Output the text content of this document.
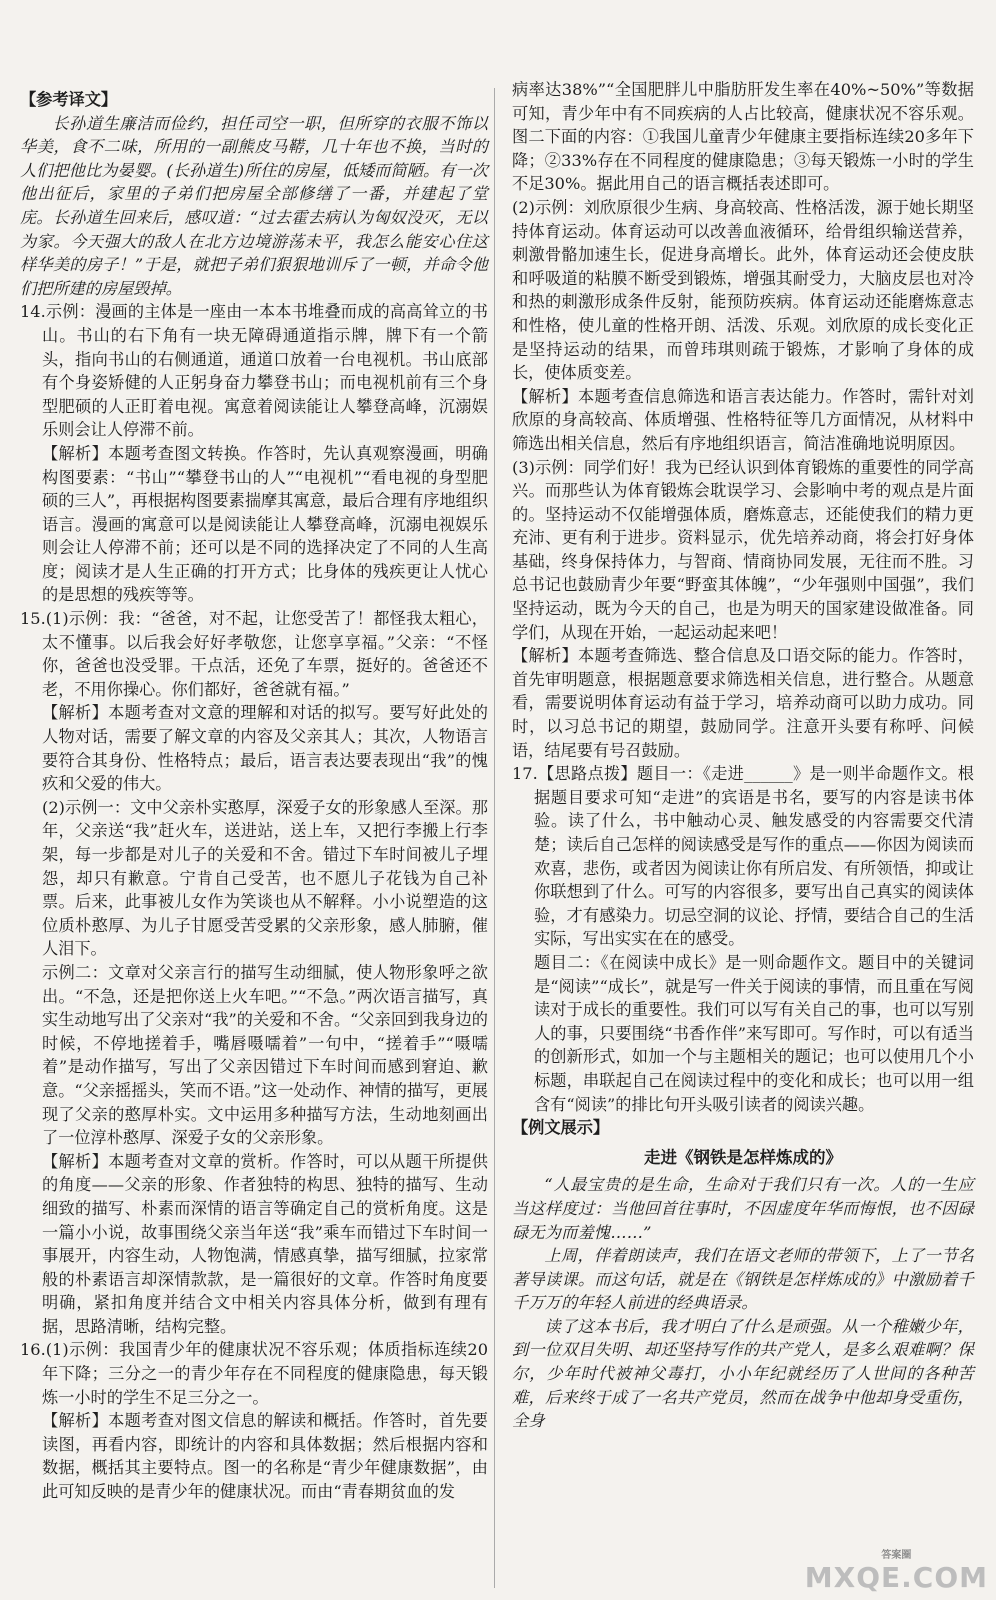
【参考译文】

长孙道生廉洁而俭约，担任司空一职，但所穿的衣服不饰以华美，食不二味，所用的一副熊皮马鞯，几十年也不换，当时的人们把他比为晏婴。(长孙道生)所住的房屋，低矮而简陋。有一次他出征后，家里的子弟们把房屋全部修缮了一番，并建起了堂庑。长孙道生回来后，感叹道：“过去霍去病认为匈奴没灭，无以为家。今天强大的敌人在北方边境游荡未平，我怎么能安心住这样华美的房子！”于是，就把子弟们狠狠地训斥了一顿，并命令他们把所建的房屋毁掉。

14.示例：漫画的主体是一座由一本本书堆叠而成的高高耸立的书山。书山的右下角有一块无障碍通道指示牌，牌下有一个箭头，指向书山的右侧通道，通道口放着一台电视机。书山底部有个身姿矫健的人正躬身奋力攀登书山；而电视机前有三个身型肥硕的人正盯着电视。寓意着阅读能让人攀登高峰，沉溺娱乐则会让人停滞不前。

【解析】本题考查图文转换。作答时，先认真观察漫画，明确构图要素：“书山”“攀登书山的人”“电视机”“看电视的身型肥硕的三人”，再根据构图要素揣摩其寓意，最后合理有序地组织语言。漫画的寓意可以是阅读能让人攀登高峰，沉溺电视娱乐则会让人停滞不前；还可以是不同的选择决定了不同的人生高度；阅读才是人生正确的打开方式；比身体的残疾更让人忧心的是思想的残疾等等。

15.(1)示例：我：“爸爸，对不起，让您受苦了！都怪我太粗心，太不懂事。以后我会好好孝敬您，让您享享福。”父亲：“不怪你，爸爸也没受罪。干点活，还免了车票，挺好的。爸爸还不老，不用你操心。你们都好，爸爸就有福。”

【解析】本题考查对文意的理解和对话的拟写。要写好此处的人物对话，需要了解文章的内容及父亲其人；其次，人物语言要符合其身份、性格特点；最后，语言表达要表现出“我”的愧疚和父爱的伟大。

(2)示例一：文中父亲朴实憨厚，深爱子女的形象感人至深。那年，父亲送“我”赶火车，送进站，送上车，又把行李搬上行李架，每一步都是对儿子的关爱和不舍。错过下车时间被儿子埋怨，却只有歉意。宁肯自己受苦，也不愿儿子花钱为自己补票。后来，此事被儿女作为笑谈也从不解释。小小说塑造的这位质朴憨厚、为儿子甘愿受苦受累的父亲形象，感人肺腑，催人泪下。

示例二：文章对父亲言行的描写生动细腻，使人物形象呼之欲出。“不急，还是把你送上火车吧。”“不急。”两次语言描写，真实生动地写出了父亲对“我”的关爱和不舍。“父亲回到我身边的时候，不停地搓着手，嘴唇嗫嚅着”一句中，“搓着手”“嗫嚅着”是动作描写，写出了父亲因错过下车时间而感到窘迫、歉意。“父亲摇摇头，笑而不语。”这一处动作、神情的描写，更展现了父亲的憨厚朴实。文中运用多种描写方法，生动地刻画出了一位淳朴憨厚、深爱子女的父亲形象。

【解析】本题考查对文章的赏析。作答时，可以从题干所提供的角度——父亲的形象、作者独特的构思、独特的描写、生动细致的描写、朴素而深情的语言等确定自己的赏析角度。这是一篇小小说，故事围绕父亲当年送“我”乘车而错过下车时间一事展开，内容生动，人物饱满，情感真挚，描写细腻，拉家常般的朴素语言却深情款款，是一篇很好的文章。作答时角度要明确，紧扣角度并结合文中相关内容具体分析，做到有理有据，思路清晰，结构完整。

16.(1)示例：我国青少年的健康状况不容乐观；体质指标连续20年下降；三分之一的青少年存在不同程度的健康隐患，每天锻炼一小时的学生不足三分之一。

【解析】本题考查对图文信息的解读和概括。作答时，首先要读图，再看内容，即统计的内容和具体数据；然后根据内容和数据，概括其主要特点。图一的名称是“青少年健康数据”，由此可知反映的是青少年的健康状况。而由“青春期贫血的发

病率达38%”“全国肥胖儿中脂肪肝发生率在40%~50%”等数据可知，青少年中有不同疾病的人占比较高，健康状况不容乐观。图二下面的内容：①我国儿童青少年健康主要指标连续20多年下降；②33%存在不同程度的健康隐患；③每天锻炼一小时的学生不足30%。据此用自己的语言概括表述即可。

(2)示例：刘欣原很少生病、身高较高、性格活泼，源于她长期坚持体育运动。体育运动可以改善血液循环，给骨组织输送营养，刺激骨骼加速生长，促进身高增长。此外，体育运动还会使皮肤和呼吸道的粘膜不断受到锻炼，增强其耐受力，大脑皮层也对冷和热的刺激形成条件反射，能预防疾病。体育运动还能磨炼意志和性格，使儿童的性格开朗、活泼、乐观。刘欣原的成长变化正是坚持运动的结果，而曾玮琪则疏于锻炼，才影响了身体的成长，使体质变差。

【解析】本题考查信息筛选和语言表达能力。作答时，需针对刘欣原的身高较高、体质增强、性格特征等几方面情况，从材料中筛选出相关信息，然后有序地组织语言，简洁准确地说明原因。

(3)示例：同学们好！我为已经认识到体育锻炼的重要性的同学高兴。而那些认为体育锻炼会耽误学习、会影响中考的观点是片面的。坚持运动不仅能增强体质，磨炼意志，还能使我们的精力更充沛、更有利于进步。资料显示，优先培养动商，将会打好身体基础，终身保持体力，与智商、情商协同发展，无往而不胜。习总书记也鼓励青少年要“野蛮其体魄”，“少年强则中国强”，我们坚持运动，既为今天的自己，也是为明天的国家建设做准备。同学们，从现在开始，一起运动起来吧！

【解析】本题考查筛选、整合信息及口语交际的能力。作答时，首先审明题意，根据题意要求筛选相关信息，进行整合。从题意看，需要说明体育运动有益于学习，培养动商可以助力成功。同时，以习总书记的期望，鼓励同学。注意开头要有称呼、问候语，结尾要有号召鼓励。

17.【思路点拨】题目一：《走进______》是一则半命题作文。根据题目要求可知“走进”的宾语是书名，要写的内容是读书体验。读了什么，书中触动心灵、触发感受的内容需要交代清楚；读后自己怎样的阅读感受是写作的重点——你因为阅读而欢喜，悲伤，或者因为阅读让你有所启发、有所领悟，抑或让你联想到了什么。可写的内容很多，要写出自己真实的阅读体验，才有感染力。切忌空洞的议论、抒情，要结合自己的生活实际，写出实实在在的感受。

题目二：《在阅读中成长》是一则命题作文。题目中的关键词是“阅读”“成长”，就是写一件关于阅读的事情，而且重在写阅读对于成长的重要性。我们可以写有关自己的事，也可以写别人的事，只要围绕“书香作伴”来写即可。写作时，可以有适当的创新形式，如加一个与主题相关的题记；也可以使用几个小标题，串联起自己在阅读过程中的变化和成长；也可以用一组含有“阅读”的排比句开头吸引读者的阅读兴趣。

【例文展示】

走进《钢铁是怎样炼成的》

“人最宝贵的是生命，生命对于我们只有一次。人的一生应当这样度过：当他回首往事时，不因虚度年华而悔恨，也不因碌碌无为而羞愧……”

上周，伴着朗读声，我们在语文老师的带领下，上了一节名著导读课。而这句话，就是在《钢铁是怎样炼成的》中激励着千千万万的年轻人前进的经典语录。

读了这本书后，我才明白了什么是顽强。从一个稚嫩少年，到一位双目失明、却还坚持写作的共产党人，是多么艰难啊？保尔，少年时代被神父毒打，小小年纪就经历了人世间的各种苦难，后来终于成了一名共产党员，然而在战争中他却身受重伤，全身

答案圈
MXQE.COM
